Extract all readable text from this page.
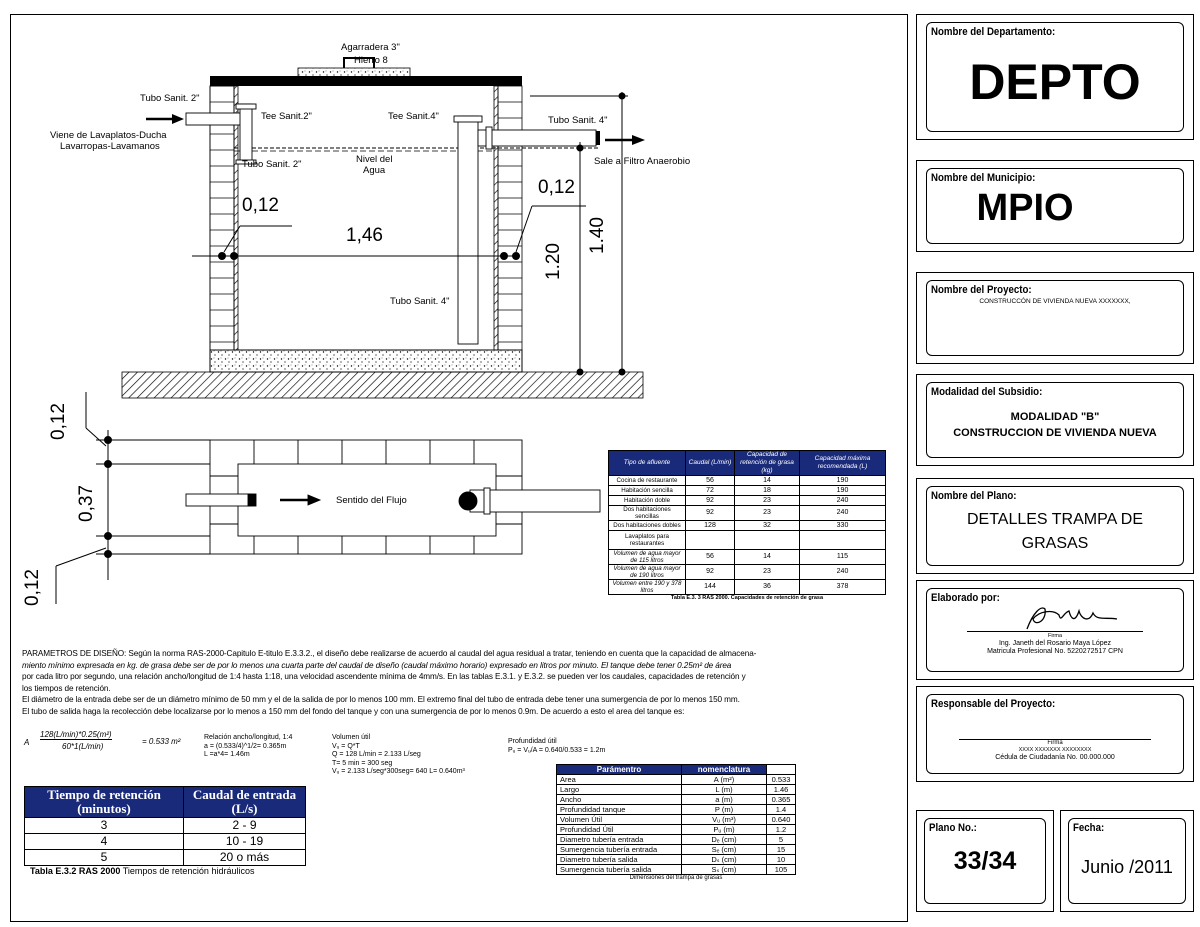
Agarradera 3"
Hierro 8
Tubo Sanit. 2"
Viene de Lavaplatos-Ducha
Lavarropas-Lavamanos
Tee Sanit.2"	Tee Sanit.4"	Tubo Sanit. 4"
Sale a Filtro Anaerobio
Tubo Sanit. 2"	Nivel del
Agua
0,12
0,12
1,46
1.20
1.40
Tubo Sanit. 4"
0,12
0,37
0,12
Sentido del Flujo
Tipo de afluente	Caudal (L/min)	Capacidad de retención de grasa (kg)	Capacidad máxima recomendada (L)
Cocina de restaurante	56	14	190
Habitación sencilla	72	18	190
Habitación doble	92	23	240
Dos habitaciones sencillas	92	23	240
Dos habitaciones dobles	128	32	330
Lavaplatos para restaurantes			
Volumen de agua mayor de 115 litros	56	14	115
Volumen de agua mayor de 190 litros	92	23	240
Volumen entre 190 y 378 litros	144	36	378
Tabla E.3. 3 RAS 2000. Capacidades de retención de grasa
PARAMETROS DE DISEÑO: Según la norma RAS-2000-Capitulo E-titulo E.3.3.2., el diseño debe realizarse de acuerdo al caudal del agua residual a tratar, teniendo en cuenta que la capacidad de almacena-
miento mínimo expresada en kg. de grasa debe ser de por lo menos una cuarta parte del caudal de diseño (caudal máximo horario) expresado en litros por minuto. El tanque debe tener 0.25m² de área
por cada litro por segundo, una relación ancho/longitud de 1:4 hasta 1:18, una velocidad ascendente mínima de 4mm/s. En las tablas E.3.1. y E.3.2. se pueden ver los caudales, capacidades de retención y
los tiempos de retención.
El diámetro de la entrada debe ser de un diámetro mínimo de 50 mm y el de la salida de por lo menos 100 mm. El extremo final del tubo de entrada debe tener una sumergencia de por lo menos 150 mm.
El tubo de salida haga la recolección debe localizarse por lo menos a 150 mm del fondo del tanque y con una sumergencia de por lo menos 0.9m. De acuerdo a esto el area del tanque es:
A
128(L/min)*0.25(m²)
60*1(L/min)
= 0.533 m²	Relación ancho/longitud, 1:4
a = (0.533/4)^1/2= 0.365m
L =a*4= 1.46m
Volumen útil
Vᵤ = Q*T
Q = 128 L/min = 2.133 L/seg
T= 5 min = 300 seg
Vᵤ = 2.133 L/seg*300seg= 640 L= 0.640m³
Profundidad útil
Pᵤ = Vᵤ/A = 0.640/0.533 = 1.2m
Parámentro	nomenclatura	
Area	A (m²)	0.533
Largo	L (m)	1.46
Ancho	a (m)	0.365
Profundidad tanque	P (m)	1.4
Volumen Útil	Vᵤ (m³)	0.640
Profundidad Útil	Pᵤ (m)	1.2
Diametro tubería entrada	Dₑ (cm)	5
Sumergencia tubería entrada	Sₑ (cm)	15
Diametro tubería salida	Dₛ (cm)	10
Sumergencia tubería salida	Sₛ (cm)	105
Dimensiones del trampa de grasas
Tiempo de retención (minutos)	Caudal de entrada (L/s)
3	2 - 9
4	10 - 19
5	20 o más
Tabla E.3.2 RAS 2000 Tiempos de retención hidráulicos
Nombre del Departamento:
DEPTO
Nombre del Municipio:
MPIO
Nombre del Proyecto:
CONSTRUCCÓN DE VIVIENDA NUEVA XXXXXXX,
Modalidad del Subsidio:
MODALIDAD "B"
CONSTRUCCION DE VIVIENDA NUEVA
Nombre del Plano:
DETALLES TRAMPA DE
GRASAS
Elaborado por:
Firma
Ing. Janeth del Rosario Maya López
Matricula Profesional No. 5220272517 CPN
Responsable del Proyecto:
Firma
XXXX XXXXXXX XXXXXXXX
Cédula de Ciudadanía No. 00.000.000
Plano No.:
33/34
Fecha:
Junio /2011
